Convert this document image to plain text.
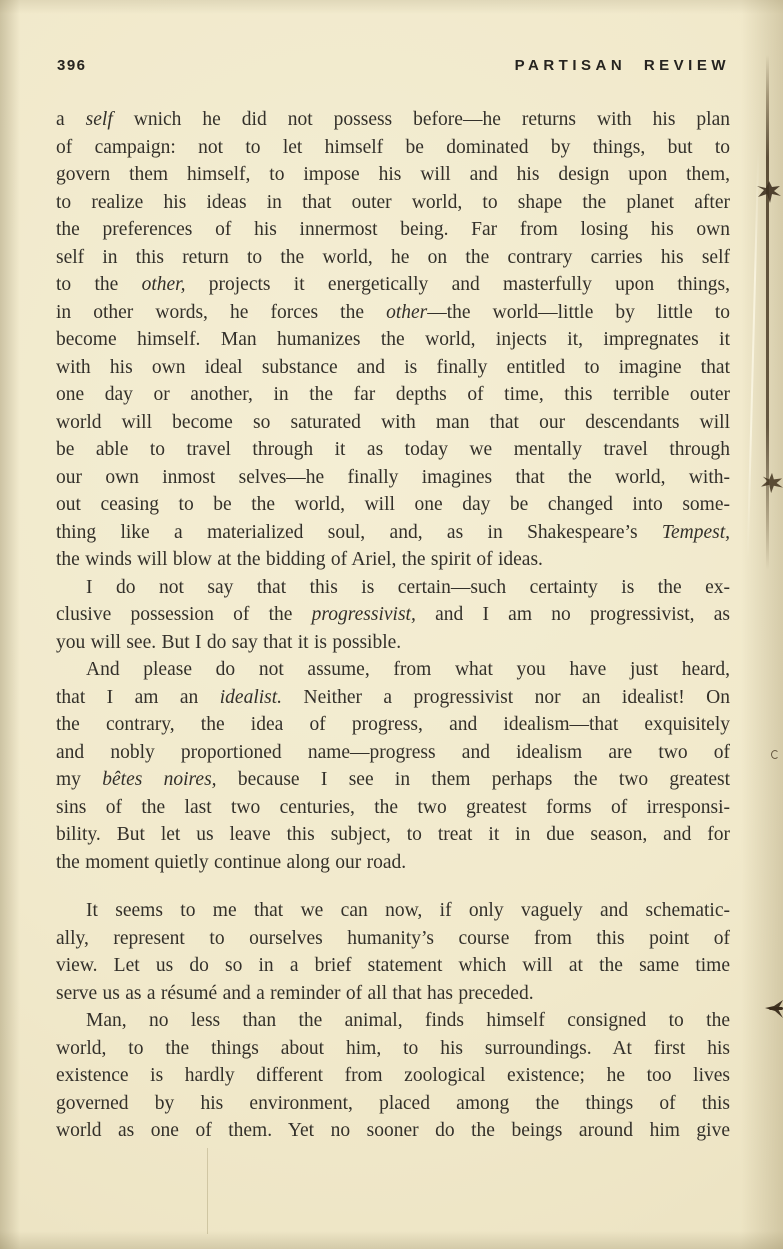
396	PARTISAN REVIEW
a self wnich he did not possess before—he returns with his plan
of campaign: not to let himself be dominated by things, but to
govern them himself, to impose his will and his design upon them,
to realize his ideas in that outer world, to shape the planet after
the preferences of his innermost being. Far from losing his own
self in this return to the world, he on the contrary carries his self
to the other, projects it energetically and masterfully upon things,
in other words, he forces the other—the world—little by little to
become himself. Man humanizes the world, injects it, impregnates it
with his own ideal substance and is finally entitled to imagine that
one day or another, in the far depths of time, this terrible outer
world will become so saturated with man that our descendants will
be able to travel through it as today we mentally travel through
our own inmost selves—he finally imagines that the world, with-
out ceasing to be the world, will one day be changed into some-
thing like a materialized soul, and, as in Shakespeare’s Tempest,
the winds will blow at the bidding of Ariel, the spirit of ideas.
I do not say that this is certain—such certainty is the ex-
clusive possession of the progressivist, and I am no progressivist, as
you will see. But I do say that it is possible.
And please do not assume, from what you have just heard,
that I am an idealist. Neither a progressivist nor an idealist! On
the contrary, the idea of progress, and idealism—that exquisitely
and nobly proportioned name—progress and idealism are two of
my bêtes noires, because I see in them perhaps the two greatest
sins of the last two centuries, the two greatest forms of irresponsi-
bility. But let us leave this subject, to treat it in due season, and for
the moment quietly continue along our road.
It seems to me that we can now, if only vaguely and schematic-
ally, represent to ourselves humanity’s course from this point of
view. Let us do so in a brief statement which will at the same time
serve us as a résumé and a reminder of all that has preceded.
Man, no less than the animal, finds himself consigned to the
world, to the things about him, to his surroundings. At first his
existence is hardly different from zoological existence; he too lives
governed by his environment, placed among the things of this
world as one of them. Yet no sooner do the beings around him give
